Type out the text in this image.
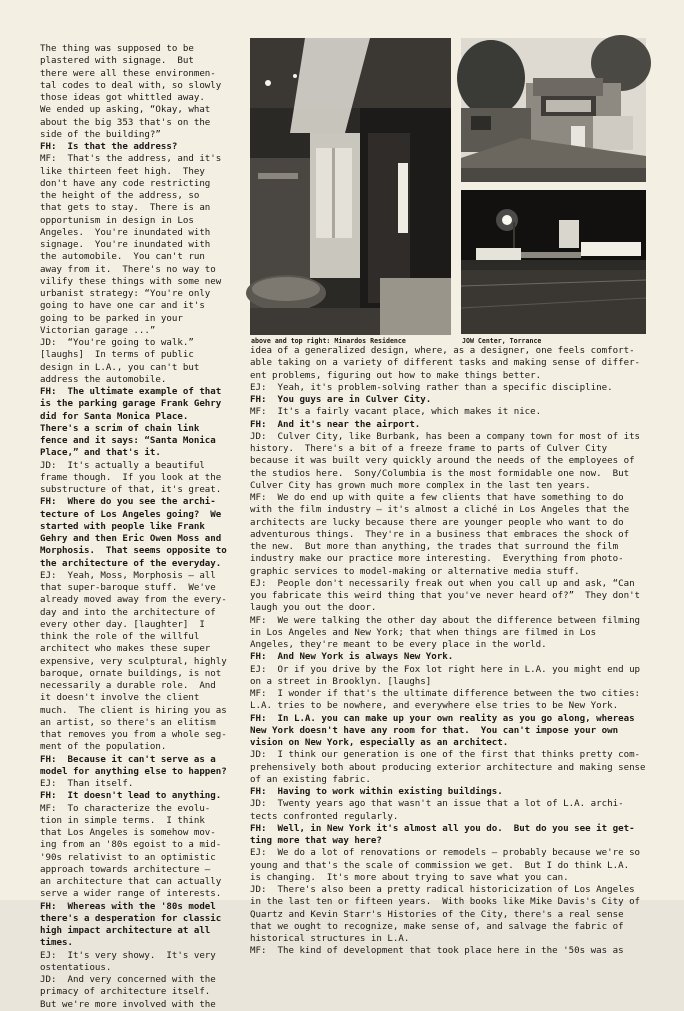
above and top right: Minardos Residence	JOW Center, Torrance
The thing was supposed to be
plastered with signage.  But
there were all these environmen-
tal codes to deal with, so slowly
those ideas got whittled away.
We ended up asking, “Okay, what
about the big 353 that's on the
side of the building?”
FH:  Is that the address?
MF:  That's the address, and it's
like thirteen feet high.  They
don't have any code restricting
the height of the address, so
that gets to stay.  There is an
opportunism in design in Los
Angeles.  You're inundated with
signage.  You're inundated with
the automobile.  You can't run
away from it.  There's no way to
vilify these things with some new
urbanist strategy: “You're only
going to have one car and it's
going to be parked in your
Victorian garage ...”
JD:  “You're going to walk.”
[laughs]  In terms of public
design in L.A., you can't but
address the automobile.
FH:  The ultimate example of that
is the parking garage Frank Gehry
did for Santa Monica Place.
There's a scrim of chain link
fence and it says: “Santa Monica
Place,” and that's it.
JD:  It's actually a beautiful
frame though.  If you look at the
substructure of that, it's great.
FH:  Where do you see the archi-
tecture of Los Angeles going?  We
started with people like Frank
Gehry and then Eric Owen Moss and
Morphosis.  That seems opposite to
the architecture of the everyday.
EJ:  Yeah, Moss, Morphosis — all
that super-baroque stuff.  We've
already moved away from the every-
day and into the architecture of
every other day. [laughter]  I
think the role of the willful
architect who makes these super
expensive, very sculptural, highly
baroque, ornate buildings, is not
necessarily a durable role.  And
it doesn't involve the client
much.  The client is hiring you as
an artist, so there's an elitism
that removes you from a whole seg-
ment of the population.
FH:  Because it can't serve as a
model for anything else to happen?
EJ:  Than itself.
FH:  It doesn't lead to anything.
MF:  To characterize the evolu-
tion in simple terms.  I think
that Los Angeles is somehow mov-
ing from an '80s egoist to a mid-
'90s relativist to an optimistic
approach towards architecture —
an architecture that can actually
serve a wider range of interests.
FH:  Whereas with the '80s model
there's a desperation for classic
high impact architecture at all
times.
EJ:  It's very showy.  It's very
ostentatious.
JD:  And very concerned with the
primacy of architecture itself.
But we're more involved with the
idea of a generalized design, where, as a designer, one feels comfort-
able taking on a variety of different tasks and making sense of differ-
ent problems, figuring out how to make things better.
EJ:  Yeah, it's problem-solving rather than a specific discipline.
FH:  You guys are in Culver City.
MF:  It's a fairly vacant place, which makes it nice.
FH:  And it's near the airport.
JD:  Culver City, like Burbank, has been a company town for most of its
history.  There's a bit of a freeze frame to parts of Culver City
because it was built very quickly around the needs of the employees of
the studios here.  Sony/Columbia is the most formidable one now.  But
Culver City has grown much more complex in the last ten years.
MF:  We do end up with quite a few clients that have something to do
with the film industry — it's almost a cliché in Los Angeles that the
architects are lucky because there are younger people who want to do
adventurous things.  They're in a business that embraces the shock of
the new.  But more than anything, the trades that surround the film
industry make our practice more interesting.  Everything from photo-
graphic services to model-making or alternative media stuff.
EJ:  People don't necessarily freak out when you call up and ask, “Can
you fabricate this weird thing that you've never heard of?”  They don't
laugh you out the door.
MF:  We were talking the other day about the difference between filming
in Los Angeles and New York; that when things are filmed in Los
Angeles, they're meant to be every place in the world.
FH:  And New York is always New York.
EJ:  Or if you drive by the Fox lot right here in L.A. you might end up
on a street in Brooklyn. [laughs]
MF:  I wonder if that's the ultimate difference between the two cities:
L.A. tries to be nowhere, and everywhere else tries to be New York.
FH:  In L.A. you can make up your own reality as you go along, whereas
New York doesn't have any room for that.  You can't impose your own
vision on New York, especially as an architect.
JD:  I think our generation is one of the first that thinks pretty com-
prehensively both about producing exterior architecture and making sense
of an existing fabric.
FH:  Having to work within existing buildings.
JD:  Twenty years ago that wasn't an issue that a lot of L.A. archi-
tects confronted regularly.
FH:  Well, in New York it's almost all you do.  But do you see it get-
ting more that way here?
EJ:  We do a lot of renovations or remodels — probably because we're so
young and that's the scale of commission we get.  But I do think L.A.
is changing.  It's more about trying to save what you can.
JD:  There's also been a pretty radical historicization of Los Angeles
in the last ten or fifteen years.  With books like Mike Davis's City of
Quartz and Kevin Starr's Histories of the City, there's a real sense
that we ought to recognize, make sense of, and salvage the fabric of
historical structures in L.A.
MF:  The kind of development that took place here in the '50s was as
